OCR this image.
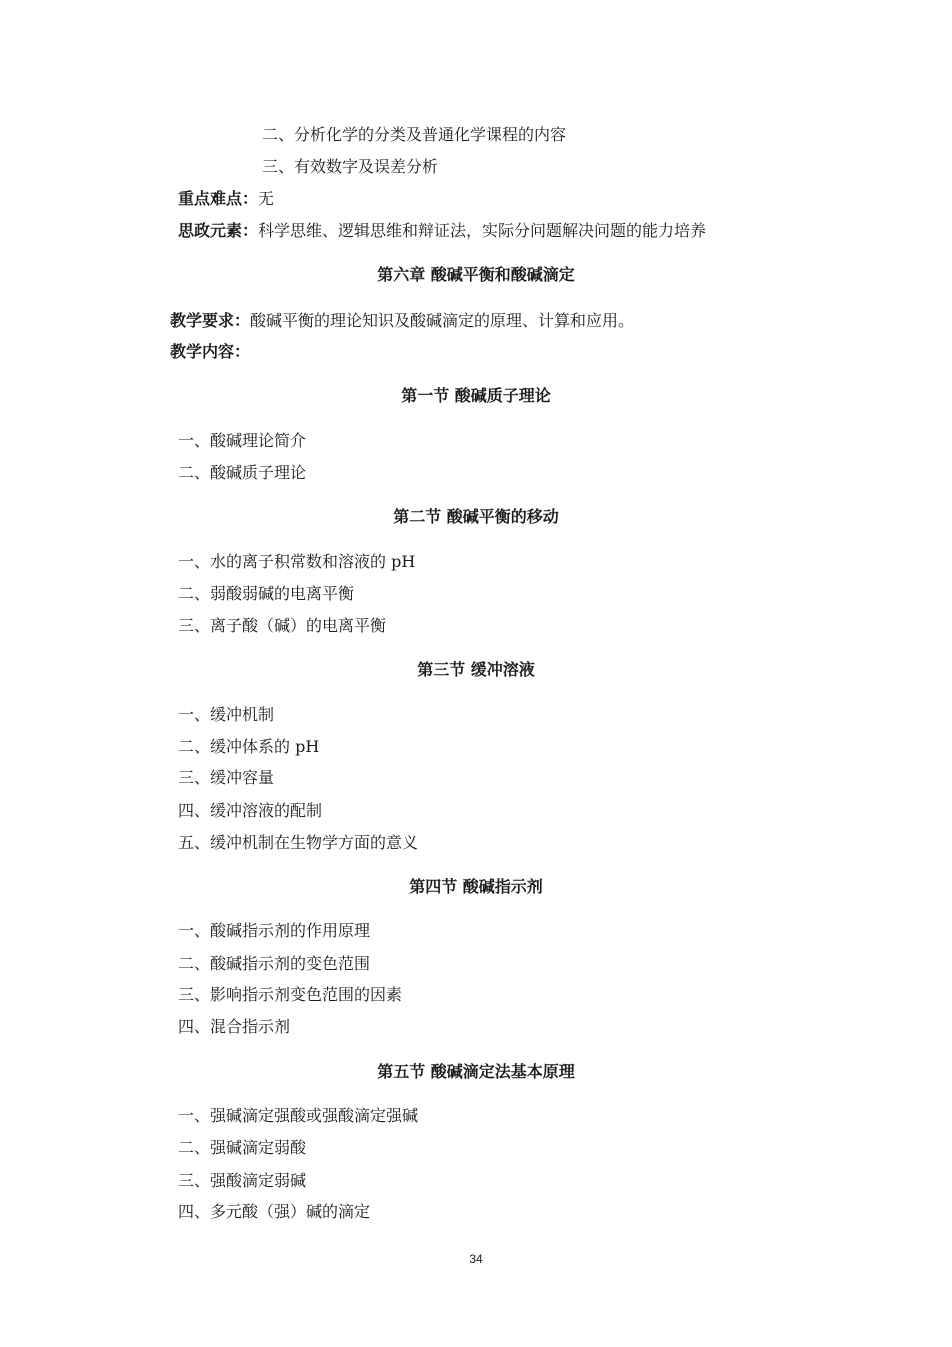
二、分析化学的分类及普通化学课程的内容
三、有效数字及误差分析
重点难点：无
思政元素：科学思维、逻辑思维和辩证法，实际分问题解决问题的能力培养
第六章 酸碱平衡和酸碱滴定
教学要求：酸碱平衡的理论知识及酸碱滴定的原理、计算和应用。
教学内容：
第一节 酸碱质子理论
一、酸碱理论简介
二、酸碱质子理论
第二节 酸碱平衡的移动
一、水的离子积常数和溶液的 pH
二、弱酸弱碱的电离平衡
三、离子酸（碱）的电离平衡
第三节 缓冲溶液
一、缓冲机制
二、缓冲体系的 pH
三、缓冲容量
四、缓冲溶液的配制
五、缓冲机制在生物学方面的意义
第四节 酸碱指示剂
一、酸碱指示剂的作用原理
二、酸碱指示剂的变色范围
三、影响指示剂变色范围的因素
四、混合指示剂
第五节 酸碱滴定法基本原理
一、强碱滴定强酸或强酸滴定强碱
二、强碱滴定弱酸
三、强酸滴定弱碱
四、多元酸（强）碱的滴定
34
